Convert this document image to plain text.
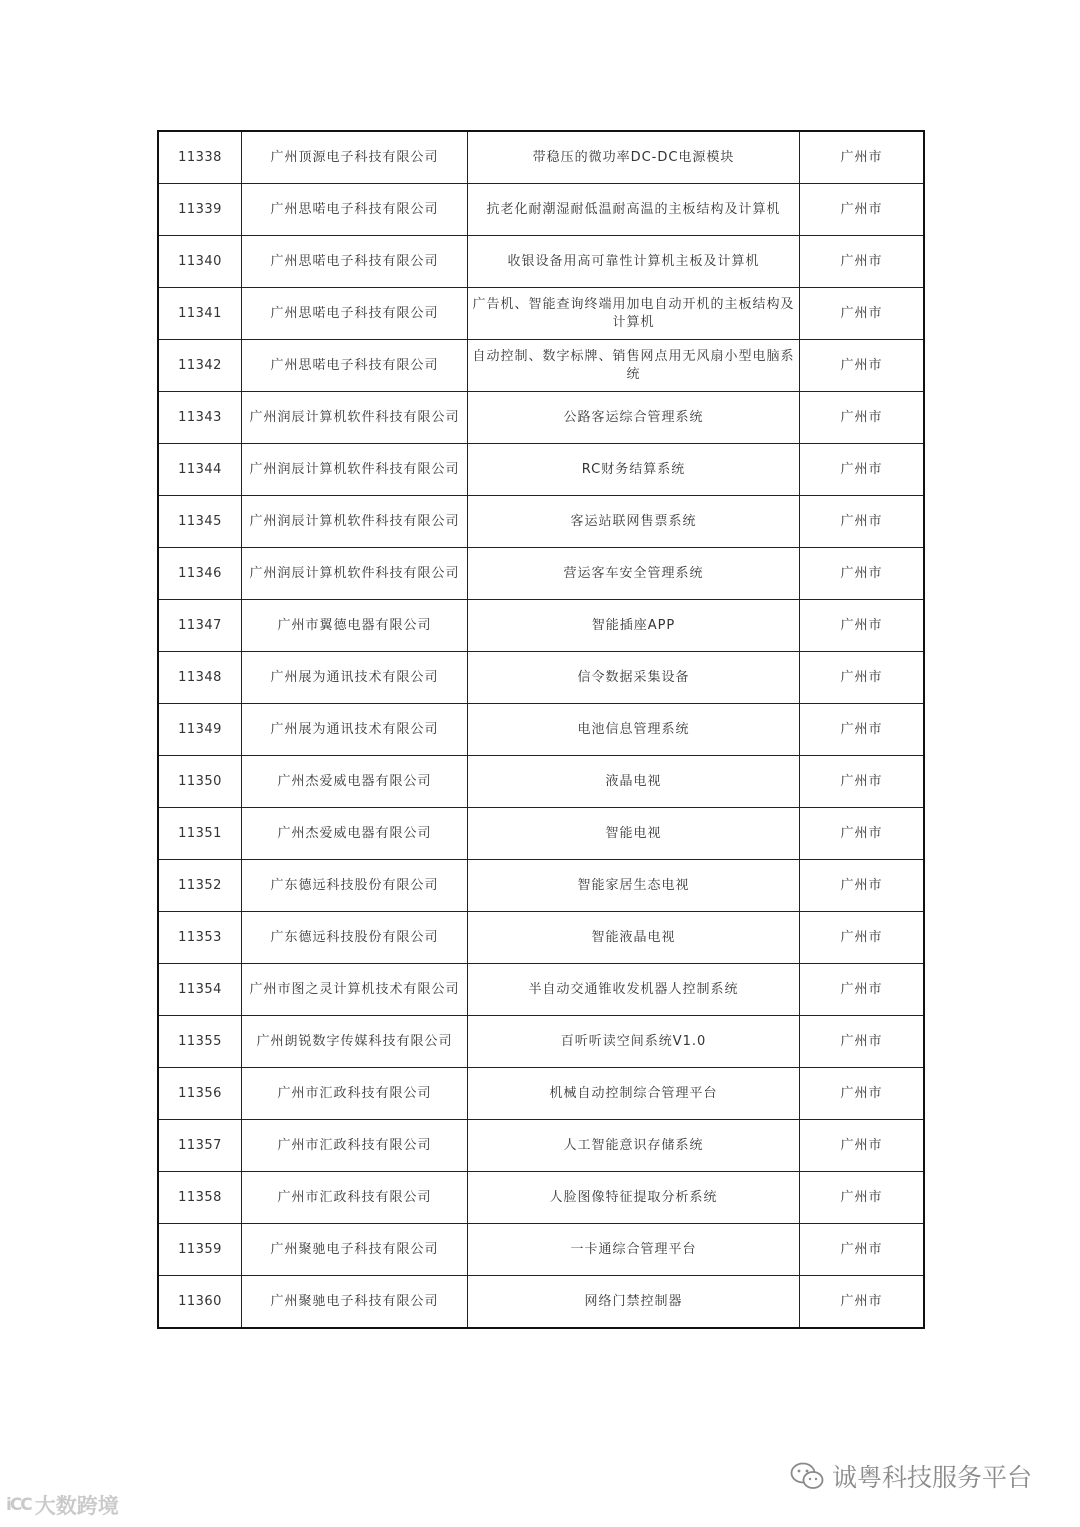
11338	广州顶源电子科技有限公司	带稳压的微功率DC-DC电源模块	广州市
11339	广州思喏电子科技有限公司	抗老化耐潮湿耐低温耐高温的主板结构及计算机	广州市
11340	广州思喏电子科技有限公司	收银设备用高可靠性计算机主板及计算机	广州市
11341	广州思喏电子科技有限公司	广告机、智能查询终端用加电自动开机的主板结构及计算机	广州市
11342	广州思喏电子科技有限公司	自动控制、数字标牌、销售网点用无风扇小型电脑系统	广州市
11343	广州润辰计算机软件科技有限公司	公路客运综合管理系统	广州市
11344	广州润辰计算机软件科技有限公司	RC财务结算系统	广州市
11345	广州润辰计算机软件科技有限公司	客运站联网售票系统	广州市
11346	广州润辰计算机软件科技有限公司	营运客车安全管理系统	广州市
11347	广州市翼德电器有限公司	智能插座APP	广州市
11348	广州展为通讯技术有限公司	信令数据采集设备	广州市
11349	广州展为通讯技术有限公司	电池信息管理系统	广州市
11350	广州杰爱威电器有限公司	液晶电视	广州市
11351	广州杰爱威电器有限公司	智能电视	广州市
11352	广东德远科技股份有限公司	智能家居生态电视	广州市
11353	广东德远科技股份有限公司	智能液晶电视	广州市
11354	广州市图之灵计算机技术有限公司	半自动交通锥收发机器人控制系统	广州市
11355	广州朗锐数字传媒科技有限公司	百听听读空间系统V1.0	广州市
11356	广州市汇政科技有限公司	机械自动控制综合管理平台	广州市
11357	广州市汇政科技有限公司	人工智能意识存储系统	广州市
11358	广州市汇政科技有限公司	人脸图像特征提取分析系统	广州市
11359	广州聚驰电子科技有限公司	一卡通综合管理平台	广州市
11360	广州聚驰电子科技有限公司	网络门禁控制器	广州市
iCC 大数跨境
诚粤科技服务平台
